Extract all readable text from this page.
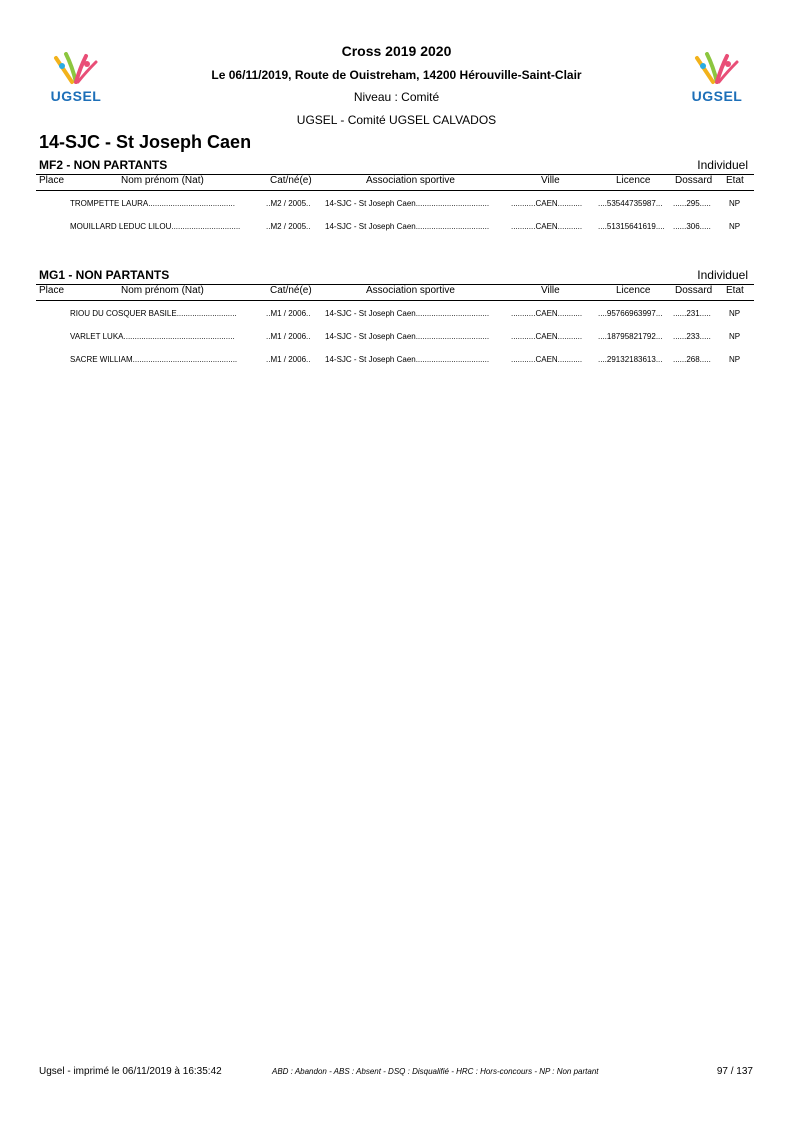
UGSEL	UGSEL
Cross 2019 2020
Le 06/11/2019, Route de Ouistreham, 14200 Hérouville-Saint-Clair
Niveau : Comité
UGSEL - Comité UGSEL CALVADOS
14-SJC - St Joseph Caen
MF2 - NON PARTANTS	Individuel
Place	Nom prénom (Nat)	Cat/né(e)	Association sportive	Ville	Licence Dossard Etat
TROMPETTE LAURA.......................................	..M2 / 2005.. 14-SJC - St Joseph Caen.................................	...........CAEN........... ....53544735987... ......295..... NP
MOUILLARD LEDUC LILOU...............................	..M2 / 2005.. 14-SJC - St Joseph Caen.................................	...........CAEN........... ....51315641619.... ......306..... NP
MG1 - NON PARTANTS	Individuel
Place	Nom prénom (Nat)	Cat/né(e)	Association sportive	Ville	Licence Dossard Etat
RIOU DU COSQUER BASILE...........................	..M1 / 2006.. 14-SJC - St Joseph Caen.................................	...........CAEN........... ....95766963997... ......231..... NP
VARLET LUKA..................................................	..M1 / 2006.. 14-SJC - St Joseph Caen.................................	...........CAEN........... ....18795821792... ......233..... NP
SACRE WILLIAM...............................................	..M1 / 2006.. 14-SJC - St Joseph Caen.................................	...........CAEN........... ....29132183613... ......268..... NP
Ugsel - imprimé le 06/11/2019 à 16:35:42	ABD : Abandon - ABS : Absent - DSQ : Disqualifié - HRC : Hors-concours - NP : Non partant	97 / 137
